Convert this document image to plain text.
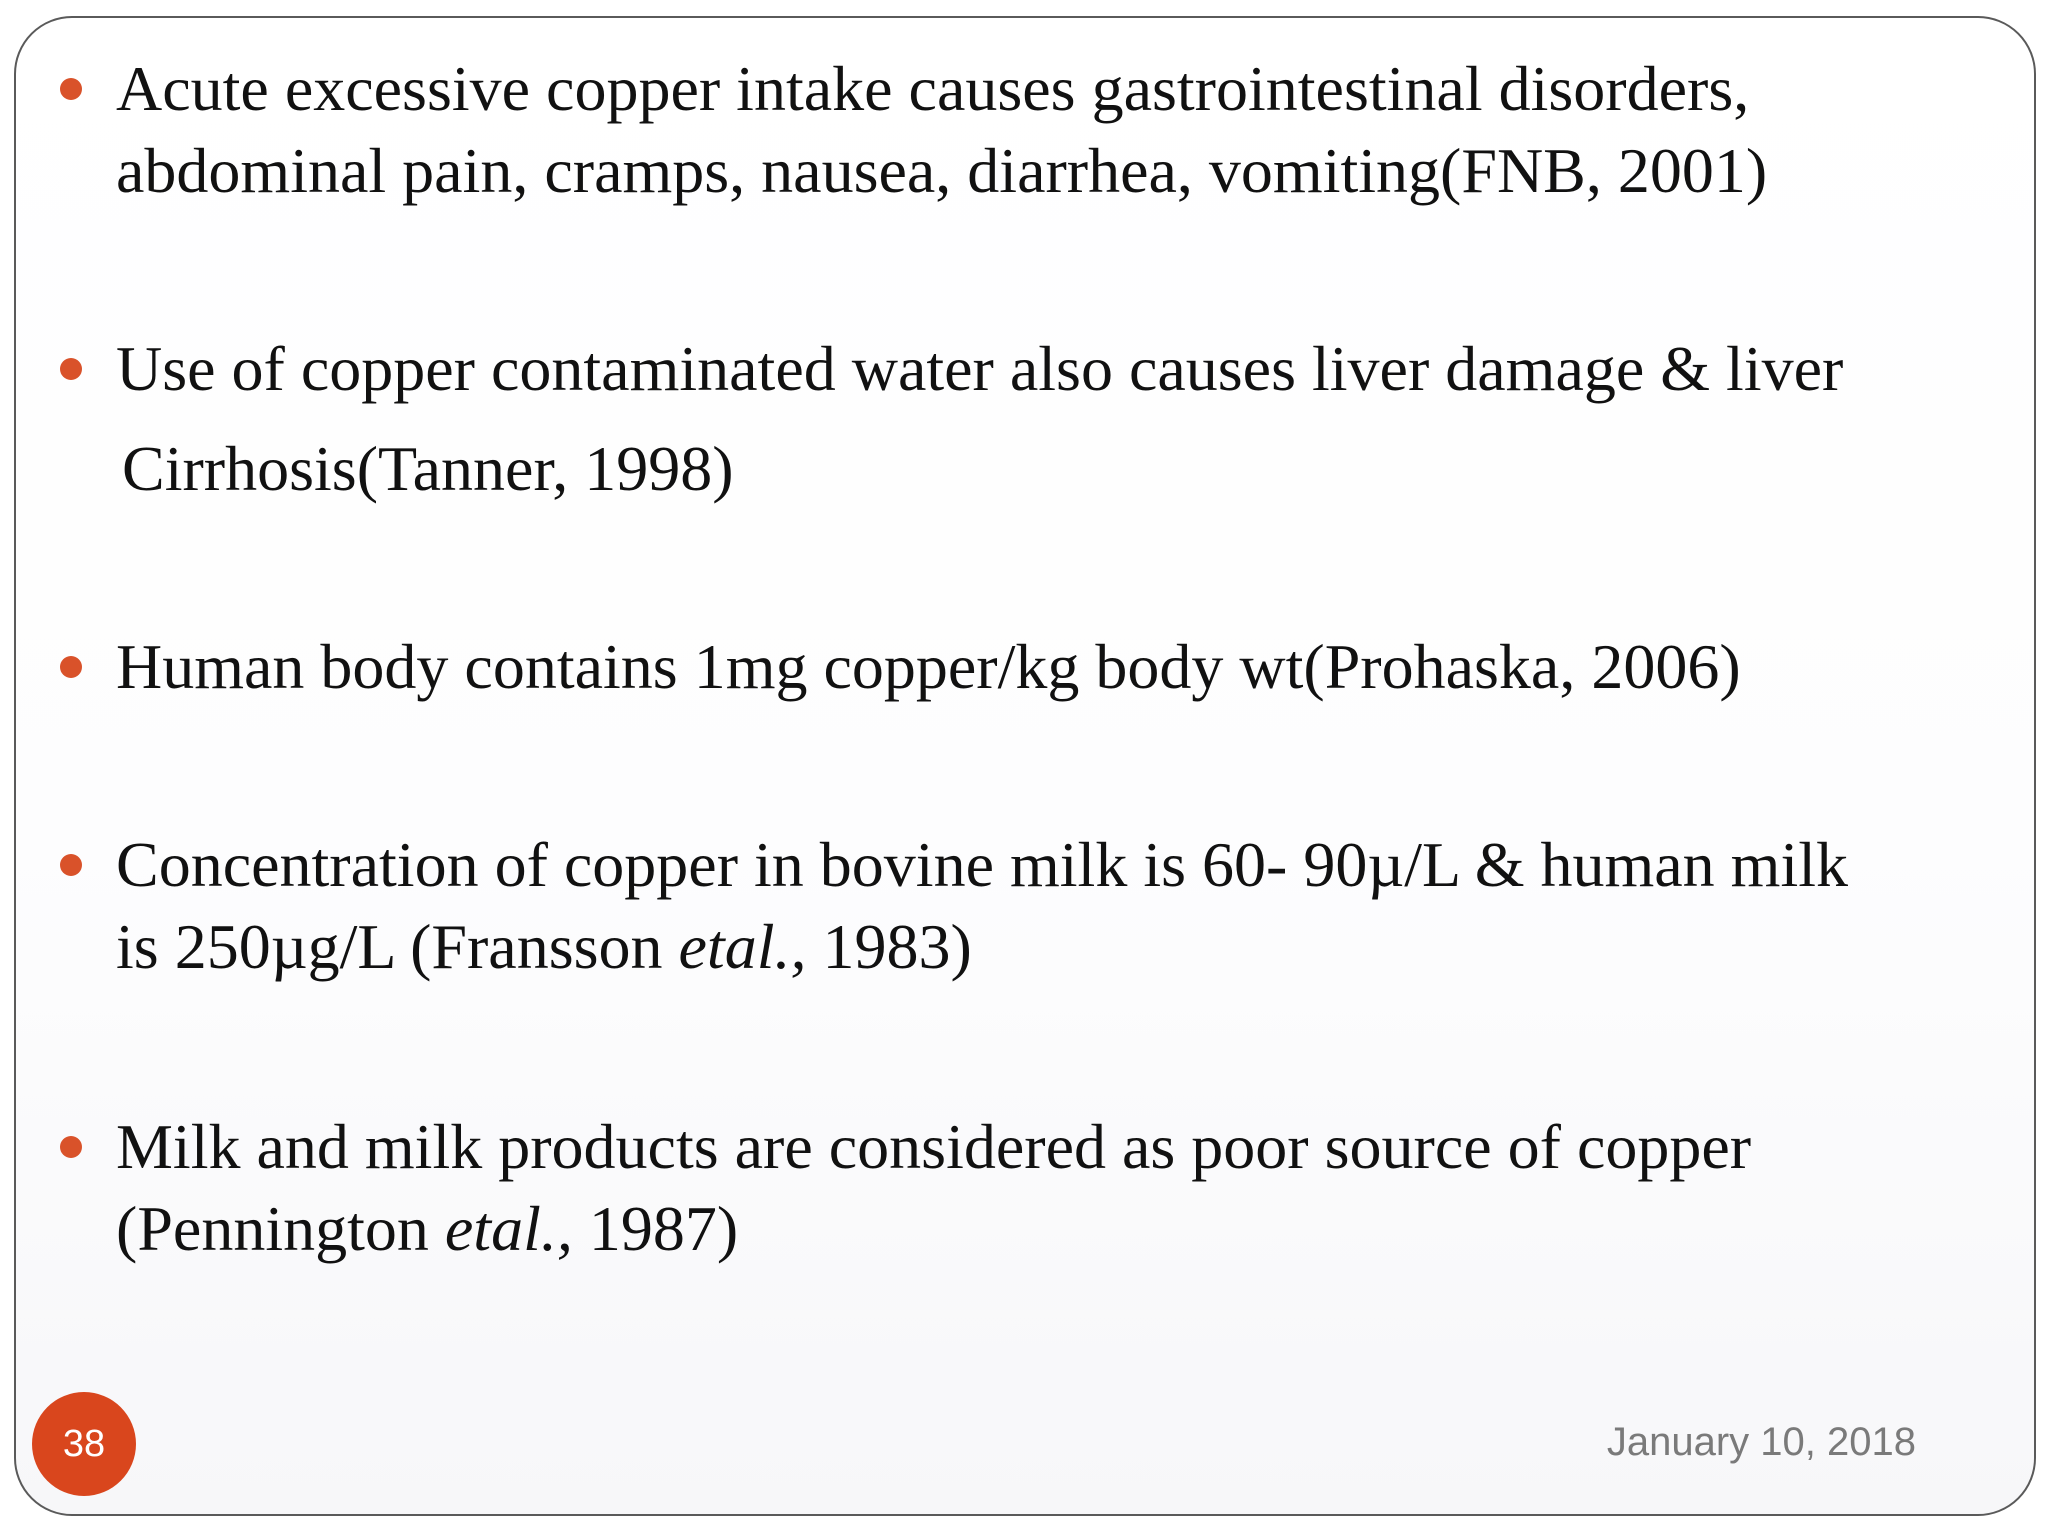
Acute excessive copper intake causes gastrointestinal disorders,
abdominal pain, cramps, nausea, diarrhea, vomiting(FNB, 2001)
Use of copper contaminated water also causes liver damage & liver
Cirrhosis(Tanner, 1998)
Human body contains 1mg copper/kg body wt(Prohaska, 2006)
Concentration of copper in bovine milk is 60- 90µ/L & human milk
is 250µg/L (Fransson etal., 1983)
Milk and milk products are considered as poor source of copper
(Pennington etal., 1987)
38	January 10, 2018
